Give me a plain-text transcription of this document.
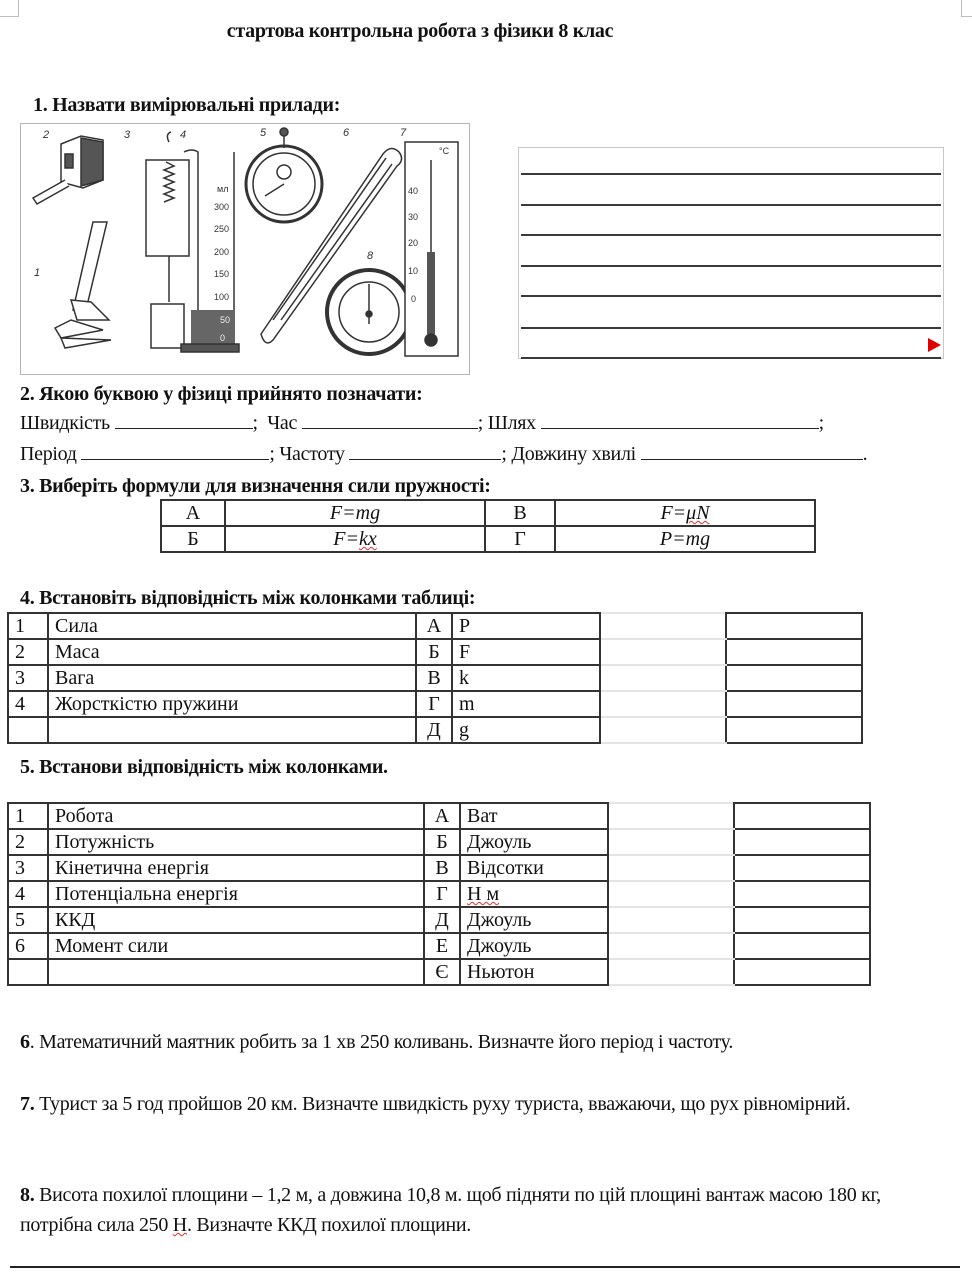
стартова контрольна робота з фізики 8 клас
1. Назвати вимірювальні прилади:
2	3	4	5	6	7
1
8
мл
300
250
200
150
100
50
0
°C
40
30
20
10
0
2. Якою буквою у фізиці прийнято позначати:
Швидкість	;  Час	; Шлях	;
Період	; Частоту	; Довжину хвилі	.
3. Виберіть формули для визначення сили пружності:
А	F=mg	В	F=μN
Б	F=kx	Г	P=mg
4. Встановіть відповідність між колонками таблиці:
1	Сила	А	P		
2	Маса	Б	F		
3	Вага	В	k		
4	Жорсткістю пружини	Г	m		
		Д	g		
5. Встанови відповідність між колонками.
1	Робота	А	Ват		
2	Потужність	Б	Джоуль		
3	Кінетична енергія	В	Відсотки		
4	Потенціальна енергія	Г	Н м		
5	ККД	Д	Джоуль		
6	Момент сили	Е	Джоуль		
		Є	Ньютон		
6. Математичний маятник робить за 1 хв 250 коливань. Визначте його період і частоту.
7. Турист за 5 год пройшов 20 км. Визначте швидкість руху туриста, вважаючи, що рух рівномірний.
8. Висота похилої площини – 1,2 м, а довжина 10,8 м. щоб підняти по цій площині вантаж масою 180 кг, потрібна сила 250 Н. Визначте ККД похилої площини.
